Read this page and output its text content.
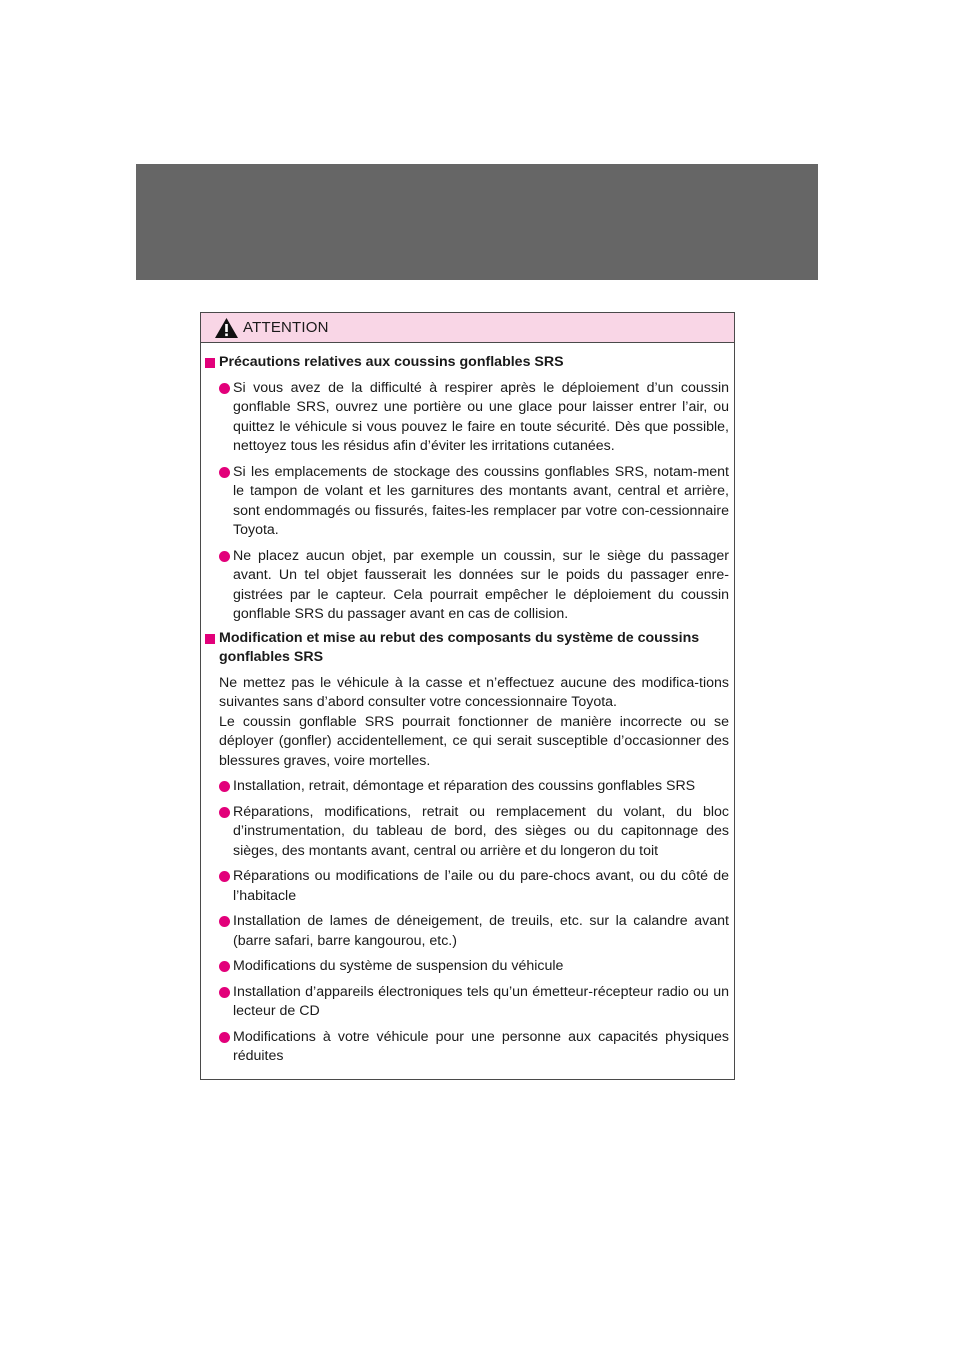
ATTENTION
Précautions relatives aux coussins gonflables SRS
Si vous avez de la difficulté à respirer après le déploiement d’un coussin gonflable SRS, ouvrez une portière ou une glace pour laisser entrer l’air, ou quittez le véhicule si vous pouvez le faire en toute sécurité. Dès que possible, nettoyez tous les résidus afin d’éviter les irritations cutanées.
Si les emplacements de stockage des coussins gonflables SRS, notam-ment le tampon de volant et les garnitures des montants avant, central et arrière, sont endommagés ou fissurés, faites-les remplacer par votre con-cessionnaire Toyota.
Ne placez aucun objet, par exemple un coussin, sur le siège du passager avant. Un tel objet fausserait les données sur le poids du passager enre-gistrées par le capteur. Cela pourrait empêcher le déploiement du coussin gonflable SRS du passager avant en cas de collision.
Modification et mise au rebut des composants du système de coussins gonflables SRS

Ne mettez pas le véhicule à la casse et n’effectuez aucune des modifica-tions suivantes sans d’abord consulter votre concessionnaire Toyota.

Le coussin gonflable SRS pourrait fonctionner de manière incorrecte ou se déployer (gonfler) accidentellement, ce qui serait susceptible d’occasionner des blessures graves, voire mortelles.

Installation, retrait, démontage et réparation des coussins gonflables SRS
Réparations, modifications, retrait ou remplacement du volant, du bloc d’instrumentation, du tableau de bord, des sièges ou du capitonnage des sièges, des montants avant, central ou arrière et du longeron du toit
Réparations ou modifications de l’aile ou du pare-chocs avant, ou du côté de l’habitacle
Installation de lames de déneigement, de treuils, etc. sur la calandre avant (barre safari, barre kangourou, etc.)
Modifications du système de suspension du véhicule
Installation d’appareils électroniques tels qu’un émetteur-récepteur radio ou un lecteur de CD
Modifications à votre véhicule pour une personne aux capacités physiques réduites
